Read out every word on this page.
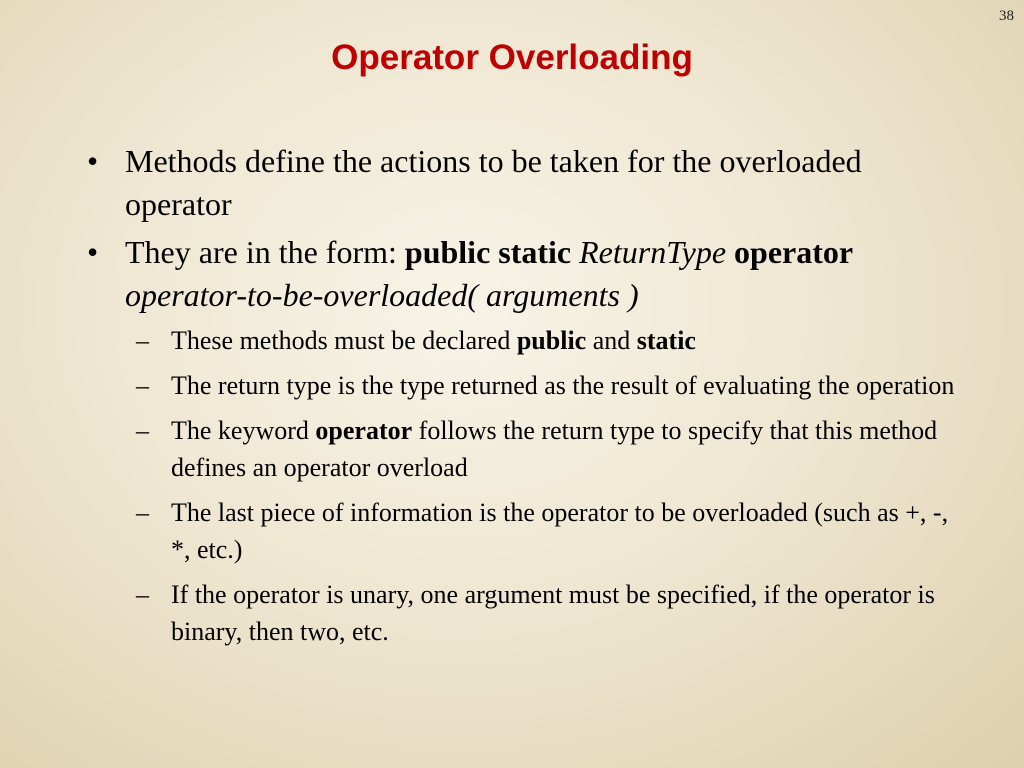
38
Operator Overloading
• Methods define the actions to be taken for the overloaded operator
• They are in the form: public static ReturnType operator operator-to-be-overloaded( arguments )
– These methods must be declared public and static
– The return type is the type returned as the result of evaluating the operation
– The keyword operator follows the return type to specify that this method defines an operator overload
– The last piece of information is the operator to be overloaded (such as +, -, *, etc.)
– If the operator is unary, one argument must be specified, if the operator is binary, then two, etc.
